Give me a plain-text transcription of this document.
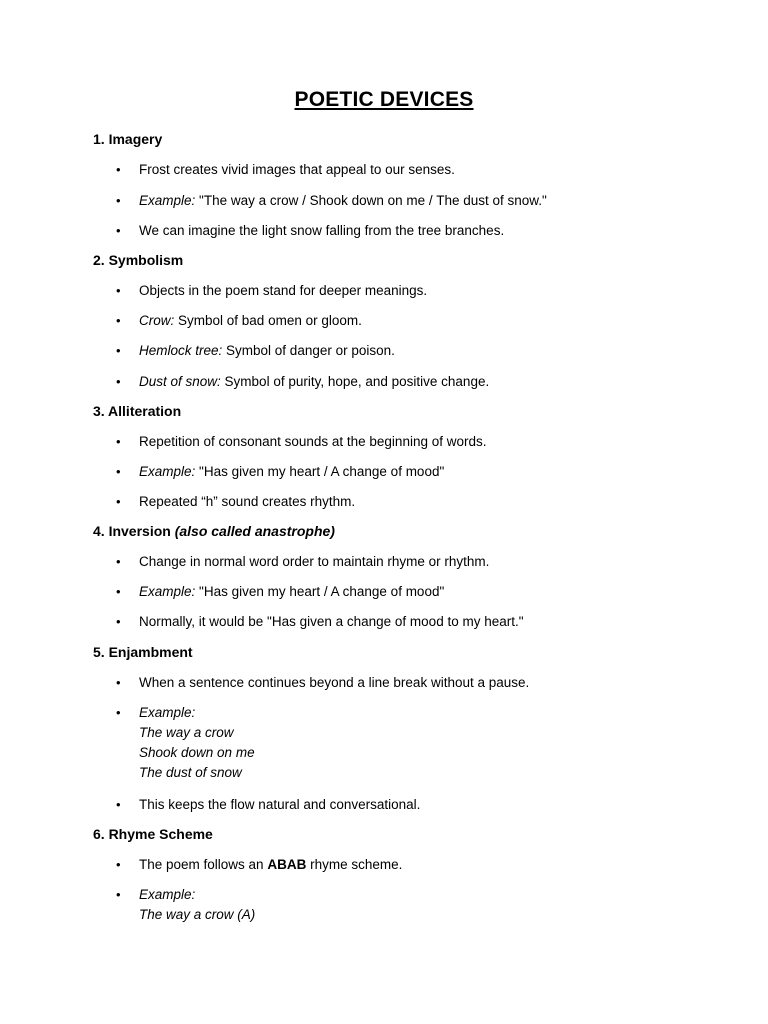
POETIC DEVICES
1. Imagery
• Frost creates vivid images that appeal to our senses.
• Example: "The way a crow / Shook down on me / The dust of snow."
• We can imagine the light snow falling from the tree branches.
2. Symbolism
• Objects in the poem stand for deeper meanings.
• Crow: Symbol of bad omen or gloom.
• Hemlock tree: Symbol of danger or poison.
• Dust of snow: Symbol of purity, hope, and positive change.
3. Alliteration
• Repetition of consonant sounds at the beginning of words.
• Example: "Has given my heart / A change of mood"
• Repeated “h” sound creates rhythm.
4. Inversion (also called anastrophe)
• Change in normal word order to maintain rhyme or rhythm.
• Example: "Has given my heart / A change of mood"
• Normally, it would be "Has given a change of mood to my heart."
5. Enjambment
• When a sentence continues beyond a line break without a pause.
• Example:
The way a crow
Shook down on me
The dust of snow
• This keeps the flow natural and conversational.
6. Rhyme Scheme
• The poem follows an ABAB rhyme scheme.
• Example:
The way a crow (A)
